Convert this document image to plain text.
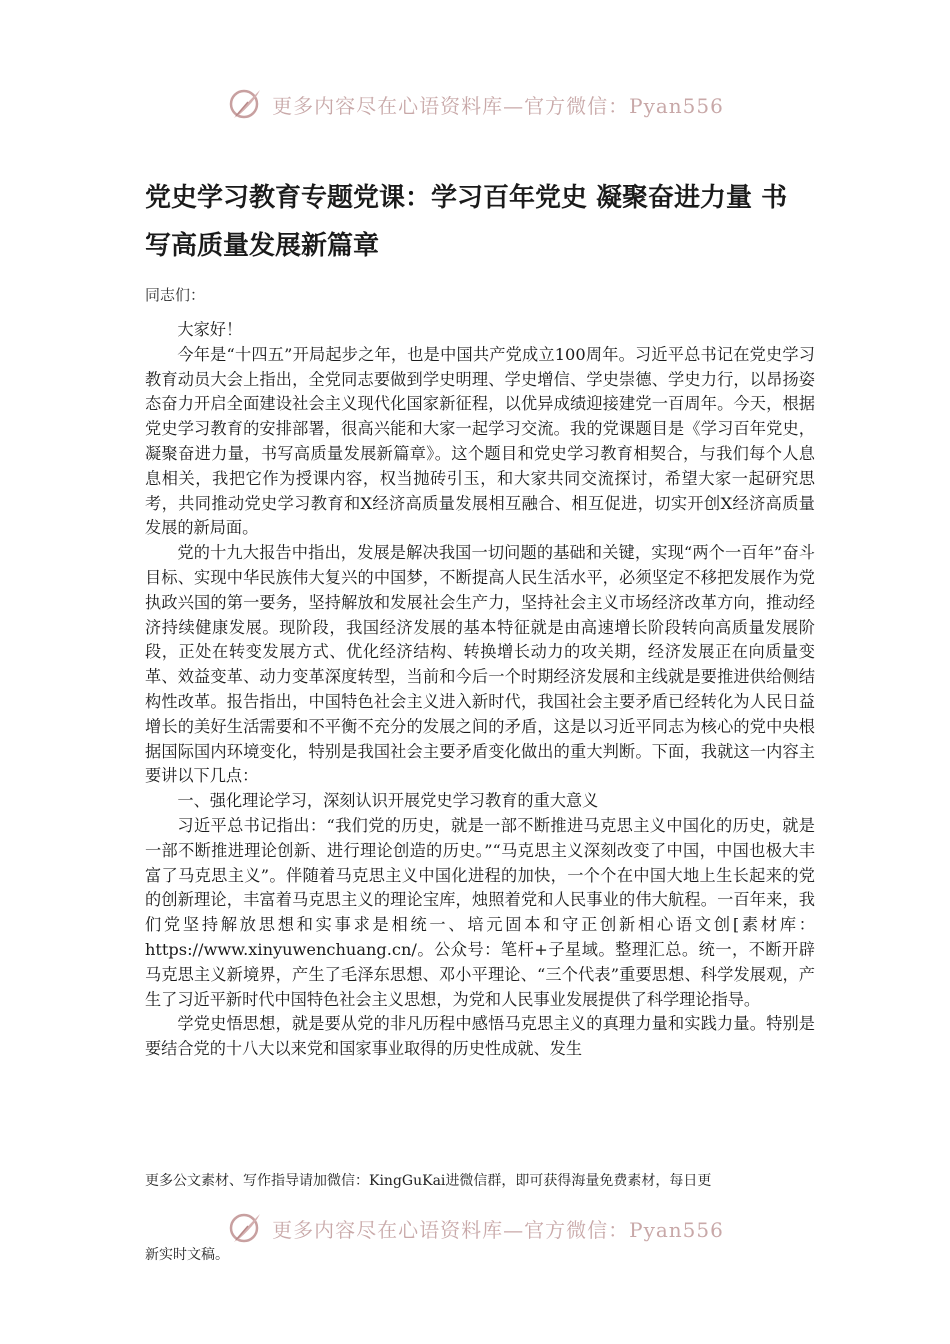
更多内容尽在心语资料库—官方微信：Pyan556
党史学习教育专题党课：学习百年党史 凝聚奋进力量 书写高质量发展新篇章
同志们：

大家好！

今年是“十四五”开局起步之年，也是中国共产党成立100周年。习近平总书记在党史学习教育动员大会上指出，全党同志要做到学史明理、学史增信、学史崇德、学史力行，以昂扬姿态奋力开启全面建设社会主义现代化国家新征程，以优异成绩迎接建党一百周年。今天，根据党史学习教育的安排部署，很高兴能和大家一起学习交流。我的党课题目是《学习百年党史，凝聚奋进力量，书写高质量发展新篇章》。这个题目和党史学习教育相契合，与我们每个人息息相关，我把它作为授课内容，权当抛砖引玉，和大家共同交流探讨，希望大家一起研究思考，共同推动党史学习教育和X经济高质量发展相互融合、相互促进，切实开创X经济高质量发展的新局面。

党的十九大报告中指出，发展是解决我国一切问题的基础和关键，实现“两个一百年”奋斗目标、实现中华民族伟大复兴的中国梦，不断提高人民生活水平，必须坚定不移把发展作为党执政兴国的第一要务，坚持解放和发展社会生产力，坚持社会主义市场经济改革方向，推动经济持续健康发展。现阶段，我国经济发展的基本特征就是由高速增长阶段转向高质量发展阶段，正处在转变发展方式、优化经济结构、转换增长动力的攻关期，经济发展正在向质量变革、效益变革、动力变革深度转型，当前和今后一个时期经济发展和主线就是要推进供给侧结构性改革。报告指出，中国特色社会主义进入新时代，我国社会主要矛盾已经转化为人民日益增长的美好生活需要和不平衡不充分的发展之间的矛盾，这是以习近平同志为核心的党中央根据国际国内环境变化，特别是我国社会主要矛盾变化做出的重大判断。下面，我就这一内容主要讲以下几点：

一、强化理论学习，深刻认识开展党史学习教育的重大意义

习近平总书记指出：“我们党的历史，就是一部不断推进马克思主义中国化的历史，就是一部不断推进理论创新、进行理论创造的历史。”“马克思主义深刻改变了中国，中国也极大丰富了马克思主义”。伴随着马克思主义中国化进程的加快，一个个在中国大地上生长起来的党的创新理论，丰富着马克思主义的理论宝库，烛照着党和人民事业的伟大航程。一百年来，我们党坚持解放思想和实事求是相统一、培元固本和守正创新相心语文创[素材库：https://www.xinyuwenchuang.cn/。公众号：笔杆+子星域。整理汇总。统一，不断开辟马克思主义新境界，产生了毛泽东思想、邓小平理论、“三个代表”重要思想、科学发展观，产生了习近平新时代中国特色社会主义思想，为党和人民事业发展提供了科学理论指导。

学党史悟思想，就是要从党的非凡历程中感悟马克思主义的真理力量和实践力量。特别是要结合党的十八大以来党和国家事业取得的历史性成就、发生

更多公文素材、写作指导请加微信：KingGuKai进微信群，即可获得海量免费素材，每日更
更多内容尽在心语资料库—官方微信：Pyan556
新实时文稿。
